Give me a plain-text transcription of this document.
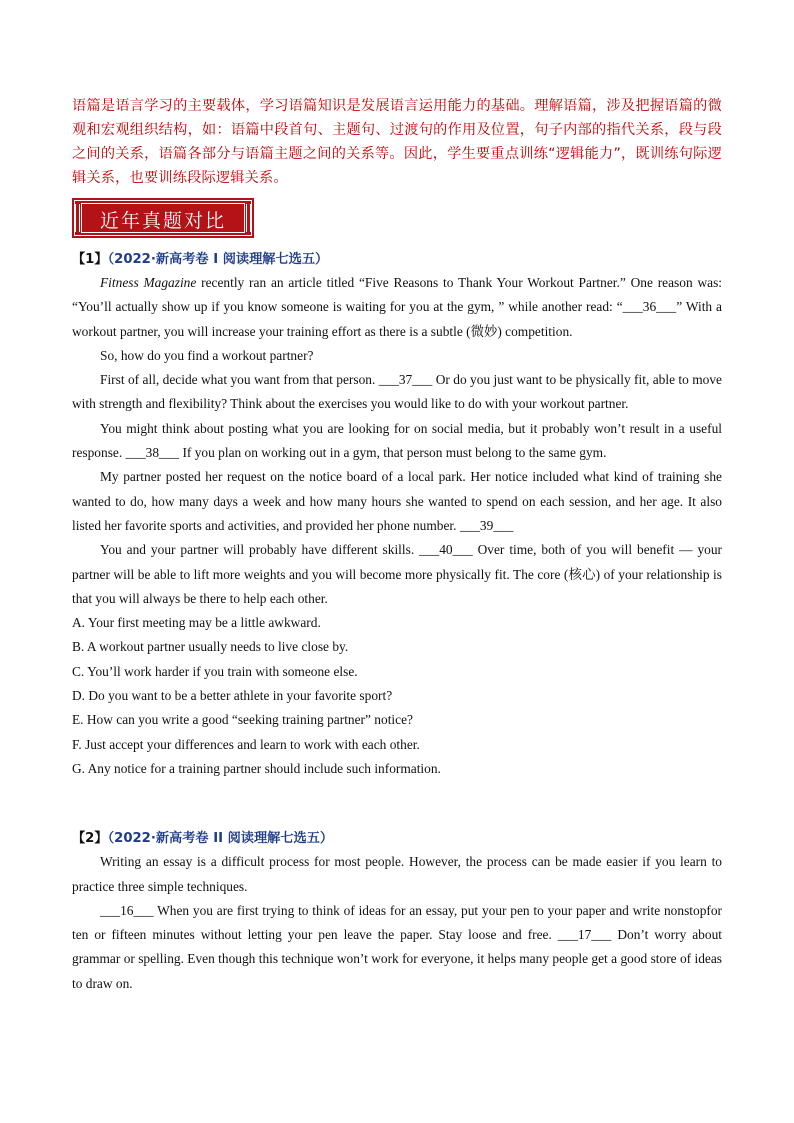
语篇是语言学习的主要载体，学习语篇知识是发展语言运用能力的基础。理解语篇，涉及把握语篇的微观和宏观组织结构，如：语篇中段首句、主题句、过渡句的作用及位置，句子内部的指代关系，段与段之间的关系，语篇各部分与语篇主题之间的关系等。因此，学生要重点训练“逻辑能力”，既训练句际逻辑关系，也要训练段际逻辑关系。

近年真题对比
【1】（2022·新高考卷 I 阅读理解七选五）

Fitness Magazine recently ran an article titled “Five Reasons to Thank Your Workout Partner.” One reason was: “You’ll actually show up if you know someone is waiting for you at the gym, ” while another read: “___36___” With a workout partner, you will increase your training effort as there is a subtle (微妙) competition.

So, how do you find a workout partner?

First of all, decide what you want from that person. ___37___ Or do you just want to be physically fit, able to move with strength and flexibility? Think about the exercises you would like to do with your workout partner.

You might think about posting what you are looking for on social media, but it probably won’t result in a useful response. ___38___ If you plan on working out in a gym, that person must belong to the same gym.

My partner posted her request on the notice board of a local park. Her notice included what kind of training she wanted to do, how many days a week and how many hours she wanted to spend on each session, and her age. It also listed her favorite sports and activities, and provided her phone number. ___39___

You and your partner will probably have different skills. ___40___ Over time, both of you will benefit — your partner will be able to lift more weights and you will become more physically fit. The core (核心) of your relationship is that you will always be there to help each other.

A. Your first meeting may be a little awkward.

B. A workout partner usually needs to live close by.

C. You’ll work harder if you train with someone else.

D. Do you want to be a better athlete in your favorite sport?

E. How can you write a good “seeking training partner” notice?

F. Just accept your differences and learn to work with each other.

G. Any notice for a training partner should include such information.

【2】（2022·新高考卷 II 阅读理解七选五）

Writing an essay is a difficult process for most people. However, the process can be made easier if you learn to practice three simple techniques.

___16___ When you are first trying to think of ideas for an essay, put your pen to your paper and write nonstopfor ten or fifteen minutes without letting your pen leave the paper. Stay loose and free. ___17___ Don’t worry about grammar or spelling. Even though this technique won’t work for everyone, it helps many people get a good store of ideas to draw on.
